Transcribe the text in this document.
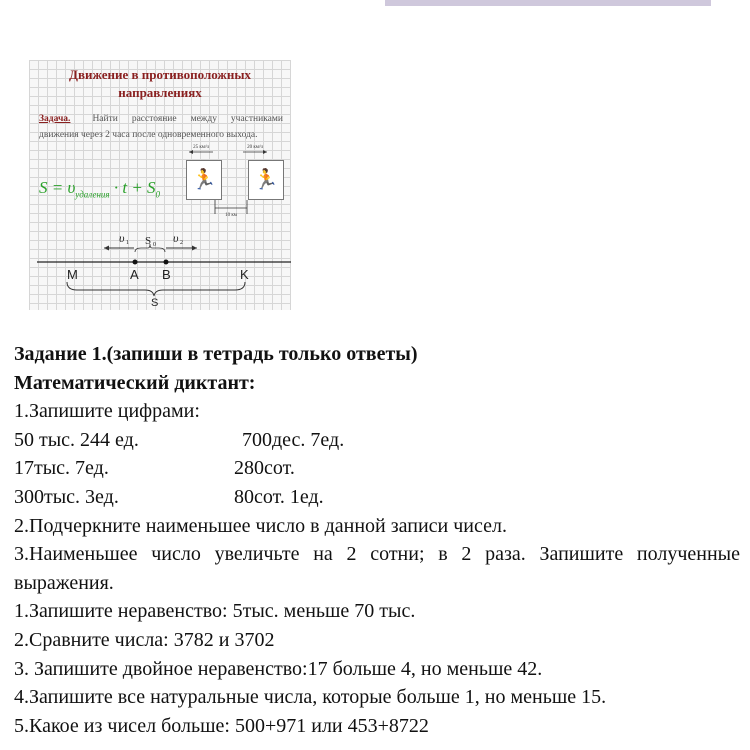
Движение в противоположных
направлениях
Задача. Найти расстояние между участниками движения через 2 часа после одновременного выхода.
$S = \upsilon_{удаления} \cdot t + S_0$
🏃 🏃
25 км/ч	20 км/ч
10 км
υ 1	υ 2
S 0
M	A B	K
S
Задание 1.(запиши в тетрадь только ответы)
Математический диктант:
1.Запишите цифрами:
50 тыс. 244 ед.	700дес. 7ед.
17тыс. 7ед.	280сот.
300тыс. 3ед.	80сот. 1ед.
2.Подчеркните наименьшее число в данной записи чисел.
3.Наименьшее число увеличьте на 2 сотни; в 2 раза. Запишите полученные выражения.
1.Запишите неравенство: 5тыс. меньше 70 тыс.
2.Сравните числа: 3782 и 3702
3. Запишите двойное неравенство:17 больше 4, но меньше 42.
4.Запишите все натуральные числа, которые больше 1, но меньше 15.
5.Какое из чисел больше: 500+971 или 453+8722
